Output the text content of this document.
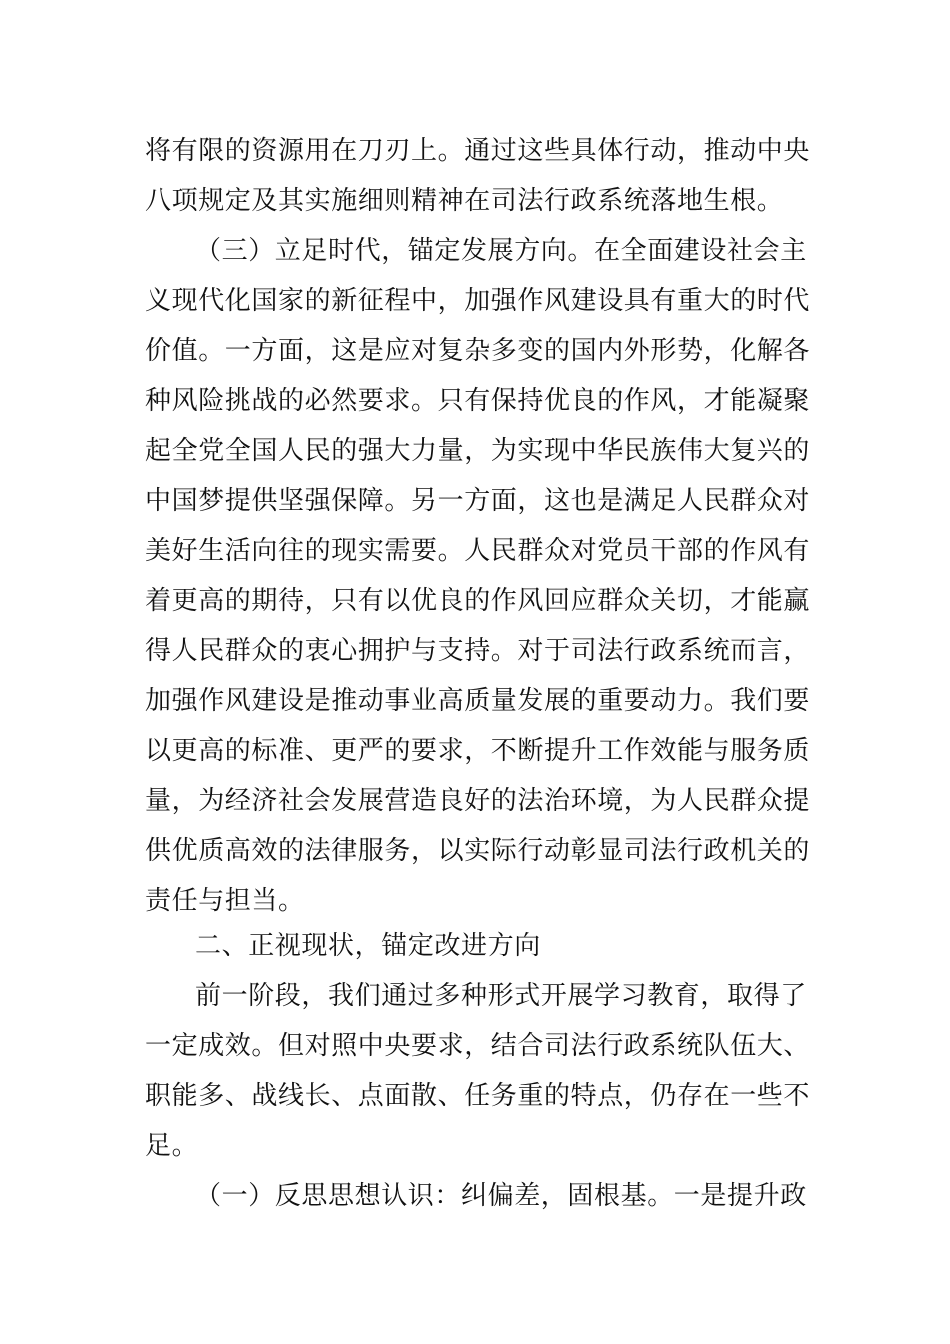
将有限的资源用在刀刃上。通过这些具体行动，推动中央
八项规定及其实施细则精神在司法行政系统落地生根。
（三）立足时代，锚定发展方向。在全面建设社会主
义现代化国家的新征程中，加强作风建设具有重大的时代
价值。一方面，这是应对复杂多变的国内外形势，化解各
种风险挑战的必然要求。只有保持优良的作风，才能凝聚
起全党全国人民的强大力量，为实现中华民族伟大复兴的
中国梦提供坚强保障。另一方面，这也是满足人民群众对
美好生活向往的现实需要。人民群众对党员干部的作风有
着更高的期待，只有以优良的作风回应群众关切，才能赢
得人民群众的衷心拥护与支持。对于司法行政系统而言，
加强作风建设是推动事业高质量发展的重要动力。我们要
以更高的标准、更严的要求，不断提升工作效能与服务质
量，为经济社会发展营造良好的法治环境，为人民群众提
供优质高效的法律服务，以实际行动彰显司法行政机关的
责任与担当。
二、正视现状，锚定改进方向
前一阶段，我们通过多种形式开展学习教育，取得了
一定成效。但对照中央要求，结合司法行政系统队伍大、
职能多、战线长、点面散、任务重的特点，仍存在一些不
足。
（一）反思思想认识：纠偏差，固根基。一是提升政
